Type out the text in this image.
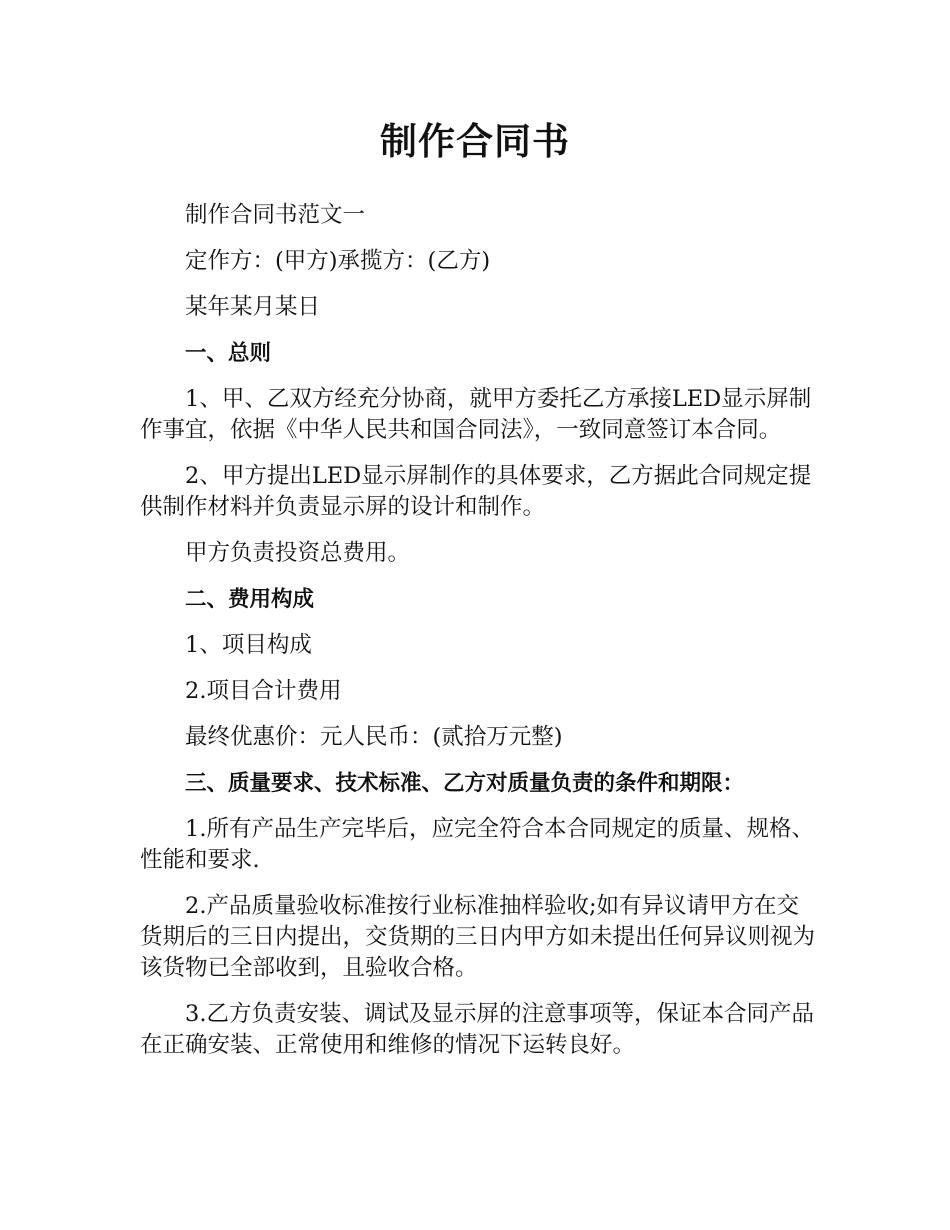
制作合同书

制作合同书范文一

定作方：(甲方)承揽方：(乙方)

某年某月某日

一、总则

1、甲、乙双方经充分协商，就甲方委托乙方承接LED显示屏制作事宜，依据《中华人民共和国合同法》，一致同意签订本合同。

2、甲方提出LED显示屏制作的具体要求，乙方据此合同规定提供制作材料并负责显示屏的设计和制作。

甲方负责投资总费用。

二、费用构成

1、项目构成

2.项目合计费用

最终优惠价：元人民币：(贰拾万元整)

三、质量要求、技术标准、乙方对质量负责的条件和期限：

1.所有产品生产完毕后，应完全符合本合同规定的质量、规格、性能和要求.

2.产品质量验收标准按行业标准抽样验收;如有异议请甲方在交货期后的三日内提出，交货期的三日内甲方如未提出任何异议则视为该货物已全部收到，且验收合格。

3.乙方负责安装、调试及显示屏的注意事项等，保证本合同产品在正确安装、正常使用和维修的情况下运转良好。
